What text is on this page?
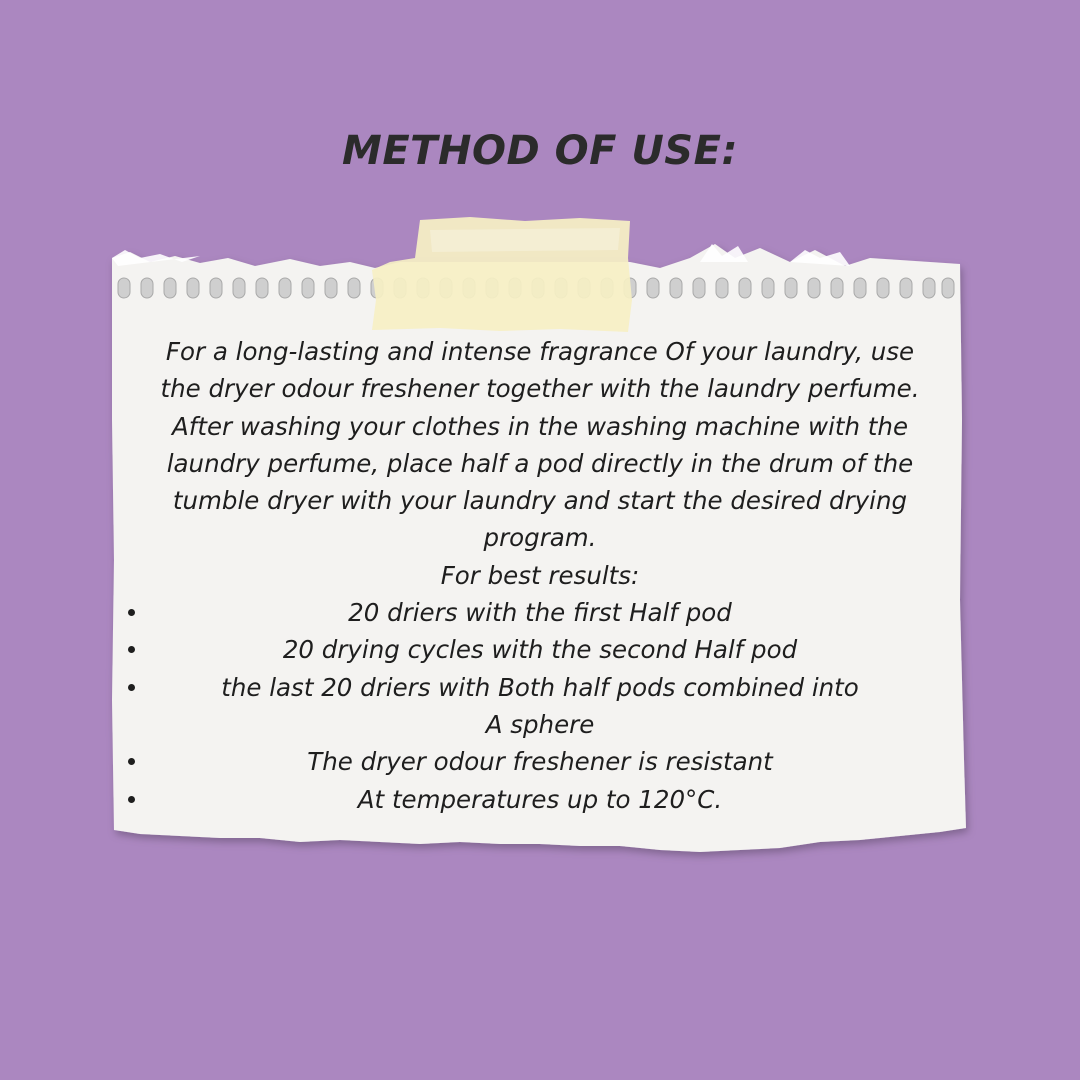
METHOD OF USE:

For a long-lasting and intense fragrance Of your laundry, use
the dryer odour freshener together with the laundry perfume.
After washing your clothes in the washing machine with the
laundry perfume, place half a pod directly in the drum of the
tumble dryer with your laundry and start the desired drying
program.

For best results:

20 driers with the first Half pod
20 drying cycles with the second Half pod
the last 20 driers with Both half pods combined into
A sphere
The dryer odour freshener is resistant
At temperatures up to 120°C.
